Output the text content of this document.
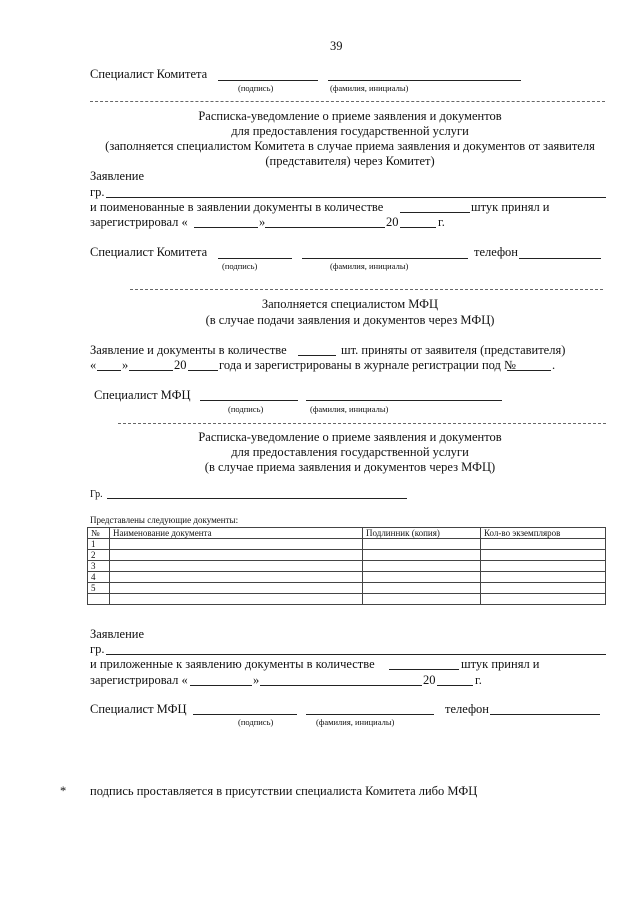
39
Специалист Комитета
(подпись)	(фамилия, инициалы)
Расписка-уведомление о приеме заявления и документов
для предоставления государственной услуги
(заполняется специалистом Комитета в случае приема заявления и документов от заявителя
(представителя) через Комитет)
Заявление
гр.
и поименованные в заявлении документы в количестве	штук принял и
зарегистрировал «	»	20	г.
Специалист Комитета	телефон
(подпись)	(фамилия, инициалы)
Заполняется специалистом МФЦ
(в случае подачи заявления и документов через МФЦ)
Заявление и документы в количестве	шт. приняты от заявителя (представителя)
« »	20	года и зарегистрированы в журнале регистрации под №	.
Специалист МФЦ
(подпись)	(фамилия, инициалы)
Расписка-уведомление о приеме заявления и документов
для предоставления государственной услуги
(в случае приема заявления и документов через МФЦ)
Гр.
Представлены следующие документы:
№	Наименование документа	Подлинник (копия)	Кол-во экземпляров
1			
2			
3			
4			
5			

Заявление
гр.
и приложенные к заявлению документы в количестве	штук принял и
зарегистрировал «	»	20	г.
Специалист МФЦ	телефон
(подпись)	(фамилия, инициалы)
* подпись проставляется в присутствии специалиста Комитета либо МФЦ
